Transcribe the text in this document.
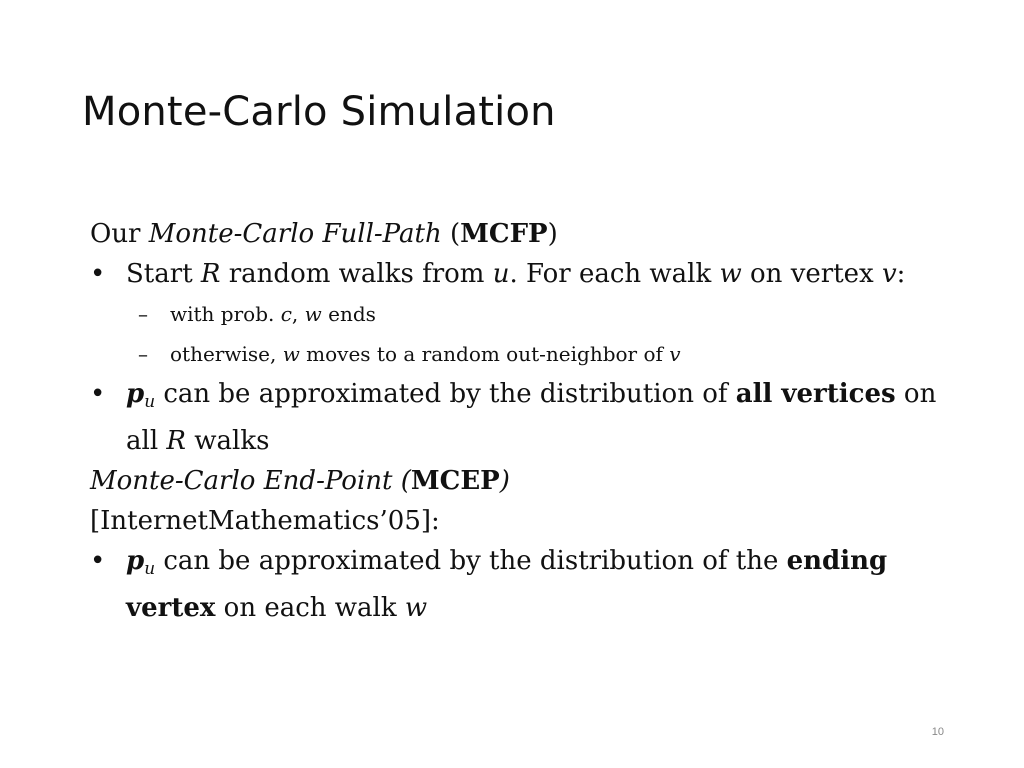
Monte-Carlo Simulation
Our Monte-Carlo Full-Path (MCFP)
• Start R random walks from u. For each walk w on vertex v:
– with prob. c, w ends
– otherwise, w moves to a random out-neighbor of v
• pu can be approximated by the distribution of all vertices on all R walks
Monte-Carlo End-Point (MCEP)
[InternetMathematics’05]:
• pu can be approximated by the distribution of the ending vertex on each walk w
10
